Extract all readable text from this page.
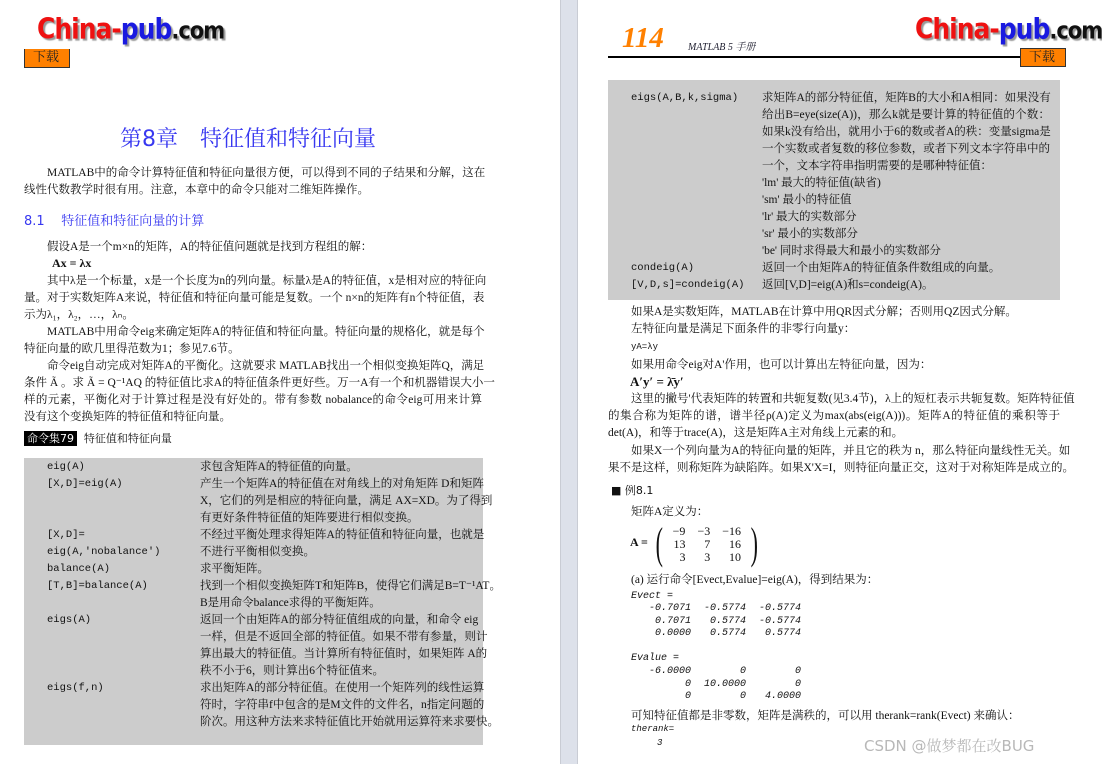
China-pub.com
下载
第8章　特征值和特征向量
MATLAB中的命令计算特征值和特征向量很方便，可以得到不同的子结果和分解，这在
线性代数教学时很有用。注意，本章中的命令只能对二维矩阵操作。
8.1 特征值和特征向量的计算
假设A是一个m×n的矩阵，A的特征值问题就是找到方程组的解：
Ax = λx
其中λ是一个标量，x是一个长度为n的列向量。标量λ是A的特征值，x是相对应的特征向
量。对于实数矩阵A来说，特征值和特征向量可能是复数。一个 n×n的矩阵有n个特征值，表
示为λ₁，λ₂，…，λₙ。
MATLAB中用命令eig来确定矩阵A的特征值和特征向量。特征向量的规格化，就是每个
特征向量的欧几里得范数为1；参见7.6节。
命令eig自动完成对矩阵A的平衡化。这就要求 MATLAB找出一个相似变换矩阵Q，满足
条件 Ã 。求 Ã = Q⁻¹AQ 的特征值比求A的特征值条件更好些。万一A有一个和机器错误大小一
样的元素，平衡化对于计算过程是没有好处的。带有参数 nobalance的命令eig可用来计算
没有这个变换矩阵的特征值和特征向量。
命令集79 特征值和特征向量
eig(A)	求包含矩阵A的特征值的向量。
[X,D]=eig(A)	产生一个矩阵A的特征值在对角线上的对角矩阵 D和矩阵
X，它们的列是相应的特征向量，满足 AX=XD。为了得到
有更好条件特征值的矩阵要进行相似变换。
[X,D]=
eig(A,'nobalance')
不经过平衡处理求得矩阵A的特征值和特征向量，也就是
不进行平衡相似变换。
balance(A)	求平衡矩阵。
[T,B]=balance(A)	找到一个相似变换矩阵T和矩阵B，使得它们满足B=T⁻¹AT。
B是用命令balance求得的平衡矩阵。
eigs(A)	返回一个由矩阵A的部分特征值组成的向量，和命令 eig
一样，但是不返回全部的特征值。如果不带有参量，则计
算出最大的特征值。当计算所有特征值时，如果矩阵 A的
秩不小于6，则计算出6个特征值来。
eigs(f,n)	求出矩阵A的部分特征值。在使用一个矩阵列的线性运算
符时，字符串f中包含的是M文件的文件名，n指定问题的
阶次。用这种方法来求特征值比开始就用运算符来求要快。
114 MATLAB 5 手册
China-pub.com
下载
eigs(A,B,k,sigma) 求矩阵A的部分特征值，矩阵B的大小和A相同：如果没有
给出B=eye(size(A))，那么k就是要计算的特征值的个数：
如果k没有给出，就用小于6的数或者A的秩：变量sigma是
一个实数或者复数的移位参数，或者下列文本字符串中的
一个，文本字符串指明需要的是哪种特征值：
'lm' 最大的特征值(缺省)
'sm' 最小的特征值
'lr' 最大的实数部分
'sr' 最小的实数部分
'be' 同时求得最大和最小的实数部分
condeig(A)	返回一个由矩阵A的特征值条件数组成的向量。
[V,D,s]=condeig(A) 返回[V,D]=eig(A)和s=condeig(A)。
如果A是实数矩阵，MATLAB在计算中用QR因式分解；否则用QZ因式分解。
左特征向量是满足下面条件的非零行向量y：
yA=λy
如果用命令eig对A'作用，也可以计算出左特征向量，因为：
A′y′ = λ̄y′
这里的撇号'代表矩阵的转置和共轭复数(见3.4节)，λ上的短杠表示共轭复数。矩阵特征值
的集合称为矩阵的谱，谱半径ρ(A)定义为max(abs(eig(A)))。矩阵A的特征值的乘积等于
det(A)，和等于trace(A)，这是矩阵A主对角线上元素的和。
如果X一个列向量为A的特征向量的矩阵，并且它的秩为 n，那么特征向量线性无关。如
果不是这样，则称矩阵为缺陷阵。如果X'X=I，则特征向量正交，这对于对称矩阵是成立的。
■ 例8.1
矩阵A定义为：
A = ( −9	−3	−16
13	7	16
3	3	10 )
(a) 运行命令[Evect,Evalue]=eig(A)，得到结果为：
Evect =
-0.7071	-0.5774	-0.5774
0.7071	0.5774	-0.5774
0.0000	0.5774	0.5774
Evalue =
-6.0000	0	0
0	10.0000	0
0	0	4.0000
可知特征值都是非零数，矩阵是满秩的，可以用 therank=rank(Evect) 来确认：
therank=
3	CSDN @做梦都在改BUG
